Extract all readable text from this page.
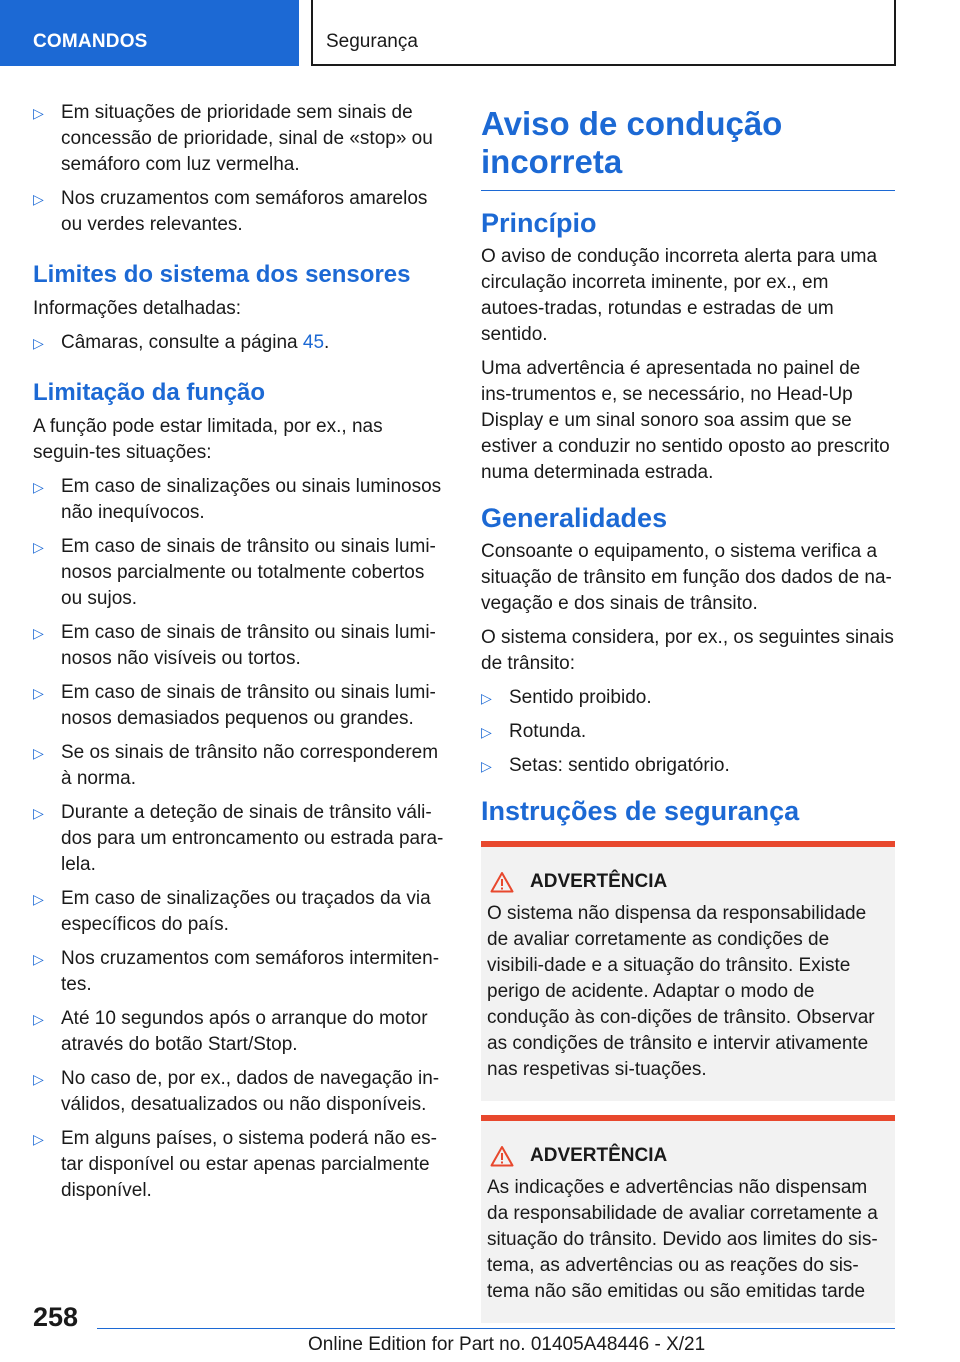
COMANDOS	Segurança
▷ Em situações de prioridade sem sinais de concessão de prioridade, sinal de «stop» ou semáforo com luz vermelha.
▷ Nos cruzamentos com semáforos amarelos ou verdes relevantes.
Limites do sistema dos sensores

Informações detalhadas:

▷ Câmaras, consulte a página 45.
Limitação da função

A função pode estar limitada, por ex., nas seguin-tes situações:

▷ Em caso de sinalizações ou sinais luminosos não inequívocos.
▷ Em caso de sinais de trânsito ou sinais lumi-nosos parcialmente ou totalmente cobertos ou sujos.
▷ Em caso de sinais de trânsito ou sinais lumi-nosos não visíveis ou tortos.
▷ Em caso de sinais de trânsito ou sinais lumi-nosos demasiados pequenos ou grandes.
▷ Se os sinais de trânsito não corresponderem à norma.
▷ Durante a deteção de sinais de trânsito váli-dos para um entroncamento ou estrada para-lela.
▷ Em caso de sinalizações ou traçados da via específicos do país.
▷ Nos cruzamentos com semáforos intermiten-tes.
▷ Até 10 segundos após o arranque do motor através do botão Start/Stop.
▷ No caso de, por ex., dados de navegação in-válidos, desatualizados ou não disponíveis.
▷ Em alguns países, o sistema poderá não es-tar disponível ou estar apenas parcialmente disponível.
Aviso de condução incorreta
Princípio

O aviso de condução incorreta alerta para uma circulação incorreta iminente, por ex., em autoes-tradas, rotundas e estradas de um sentido.

Uma advertência é apresentada no painel de ins-trumentos e, se necessário, no Head-Up Display e um sinal sonoro soa assim que se estiver a conduzir no sentido oposto ao prescrito numa determinada estrada.

Generalidades

Consoante o equipamento, o sistema verifica a situação de trânsito em função dos dados de na-vegação e dos sinais de trânsito.

O sistema considera, por ex., os seguintes sinais de trânsito:

▷ Sentido proibido.
▷ Rotunda.
▷ Setas: sentido obrigatório.
Instruções de segurança
ADVERTÊNCIA

O sistema não dispensa da responsabilidade de avaliar corretamente as condições de visibili-dade e a situação do trânsito. Existe perigo de acidente. Adaptar o modo de condução às con-dições de trânsito. Observar as condições de trânsito e intervir ativamente nas respetivas si-tuações.

ADVERTÊNCIA

As indicações e advertências não dispensam da responsabilidade de avaliar corretamente a situação do trânsito. Devido aos limites do sis-tema, as advertências ou as reações do sis-tema não são emitidas ou são emitidas tarde

258
Online Edition for Part no. 01405A48446 - X/21
